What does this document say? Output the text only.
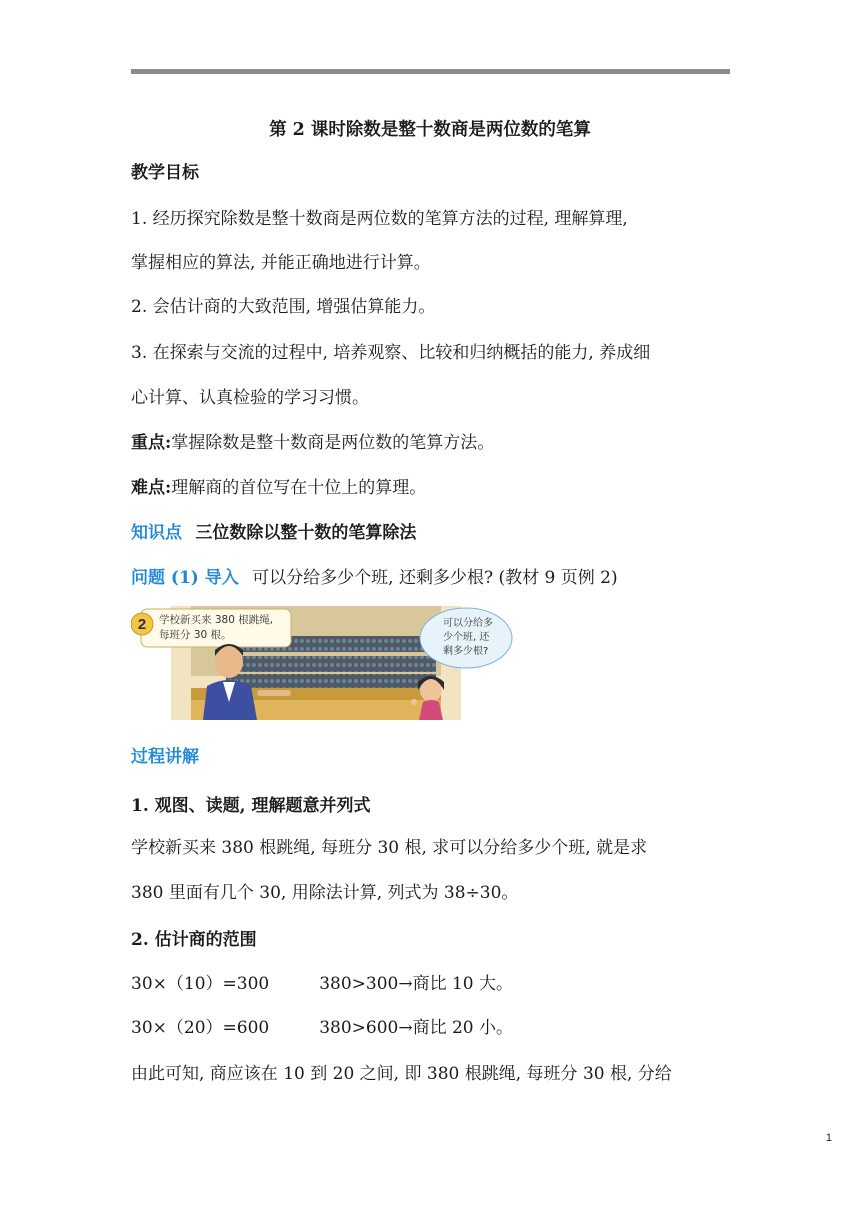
第 2 课时除数是整十数商是两位数的笔算
教学目标
1. 经历探究除数是整十数商是两位数的笔算方法的过程, 理解算理,
掌握相应的算法, 并能正确地进行计算。
2. 会估计商的大致范围, 增强估算能力。
3. 在探索与交流的过程中, 培养观察、比较和归纳概括的能力, 养成细
心计算、认真检验的学习习惯。
重点:掌握除数是整十数商是两位数的笔算方法。
难点:理解商的首位写在十位上的算理。
知识点 三位数除以整十数的笔算除法
问题 (1) 导入 可以分给多少个班, 还剩多少根? (教材 9 页例 2)
2 学校新买来 380 根跳绳,
每班分 30 根。
可以分给多
少个班, 还
剩多少根?
过程讲解
1. 观图、读题, 理解题意并列式
学校新买来 380 根跳绳, 每班分 30 根, 求可以分给多少个班, 就是求
380 里面有几个 30, 用除法计算, 列式为 38÷30。
2. 估计商的范围
30×（10）=300	380>300→商比 10 大。
30×（20）=600	380>600→商比 20 小。
由此可知, 商应该在 10 到 20 之间, 即 380 根跳绳, 每班分 30 根, 分给
1
